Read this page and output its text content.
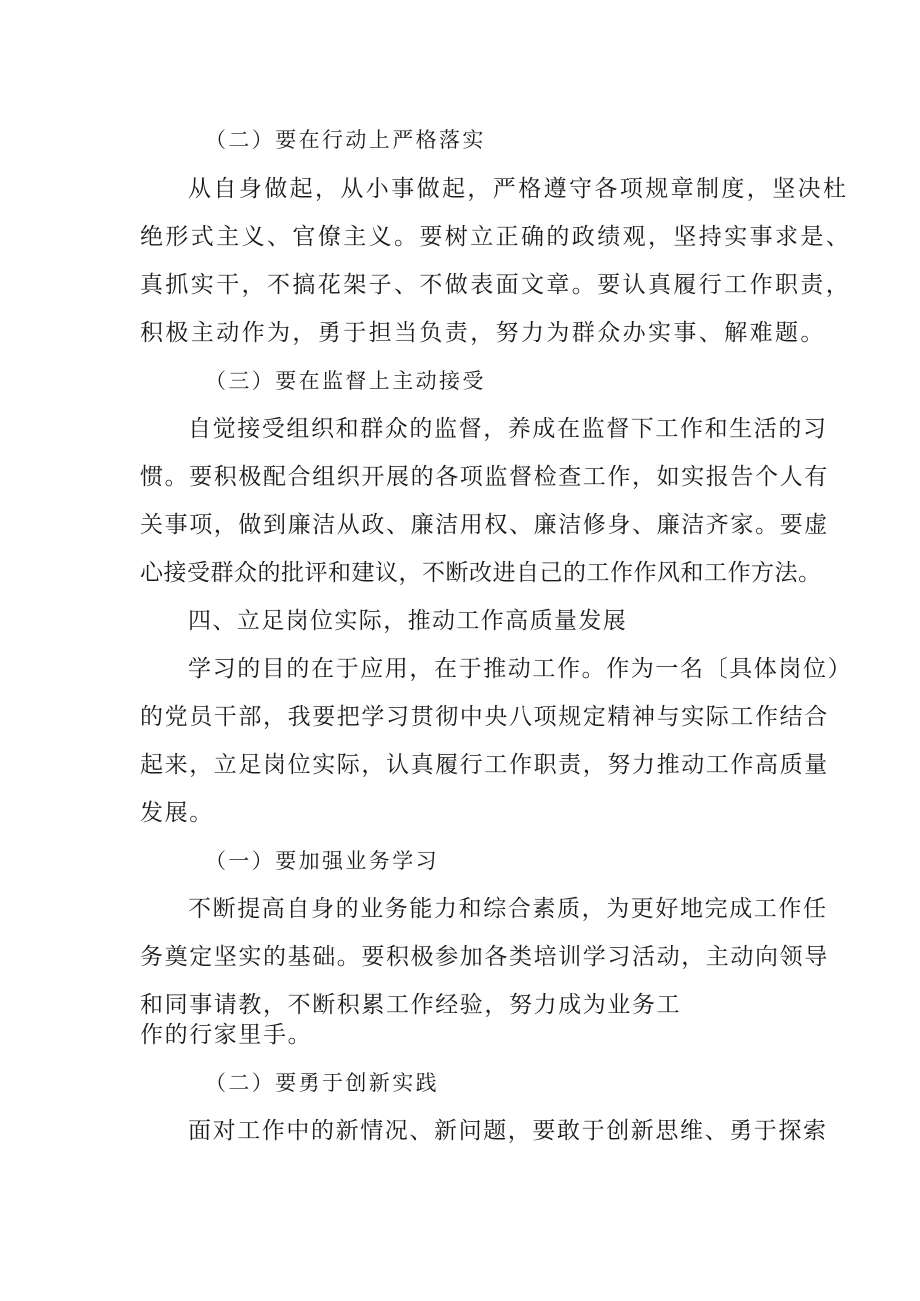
（二）要在行动上严格落实
从自身做起，从小事做起，严格遵守各项规章制度，坚决杜
绝形式主义、官僚主义。要树立正确的政绩观，坚持实事求是、
真抓实干，不搞花架子、不做表面文章。要认真履行工作职责，
积极主动作为，勇于担当负责，努力为群众办实事、解难题。
（三）要在监督上主动接受
自觉接受组织和群众的监督，养成在监督下工作和生活的习
惯。要积极配合组织开展的各项监督检查工作，如实报告个人有
关事项，做到廉洁从政、廉洁用权、廉洁修身、廉洁齐家。要虚
心接受群众的批评和建议，不断改进自己的工作作风和工作方法。
四、立足岗位实际，推动工作高质量发展
学习的目的在于应用，在于推动工作。作为一名〔具体岗位）
的党员干部，我要把学习贯彻中央八项规定精神与实际工作结合
起来，立足岗位实际，认真履行工作职责，努力推动工作高质量
发展。
（一）要加强业务学习
不断提高自身的业务能力和综合素质，为更好地完成工作任
务奠定坚实的基础。要积极参加各类培训学习活动，主动向领导
和同事请教，不断积累工作经验，努力成为业务工
作的行家里手。
（二）要勇于创新实践
面对工作中的新情况、新问题，要敢于创新思维、勇于探索
